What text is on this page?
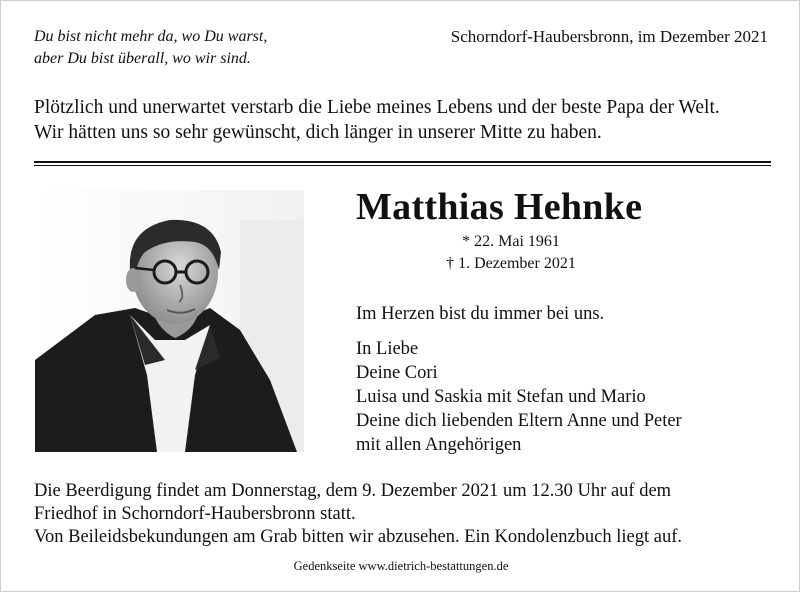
Du bist nicht mehr da, wo Du warst,
aber Du bist überall, wo wir sind.
Schorndorf-Haubersbronn, im Dezember 2021
Plötzlich und unerwartet verstarb die Liebe meines Lebens und der beste Papa der Welt.
Wir hätten uns so sehr gewünscht, dich länger in unserer Mitte zu haben.
Matthias Hehnke
* 22. Mai 1961
† 1. Dezember 2021
Im Herzen bist du immer bei uns.
In Liebe
Deine Cori
Luisa und Saskia mit Stefan und Mario
Deine dich liebenden Eltern Anne und Peter
mit allen Angehörigen
Die Beerdigung findet am Donnerstag, dem 9. Dezember 2021 um 12.30 Uhr auf dem
Friedhof in Schorndorf-Haubersbronn statt.
Von Beileidsbekundungen am Grab bitten wir abzusehen. Ein Kondolenzbuch liegt auf.
Gedenkseite www.dietrich-bestattungen.de
